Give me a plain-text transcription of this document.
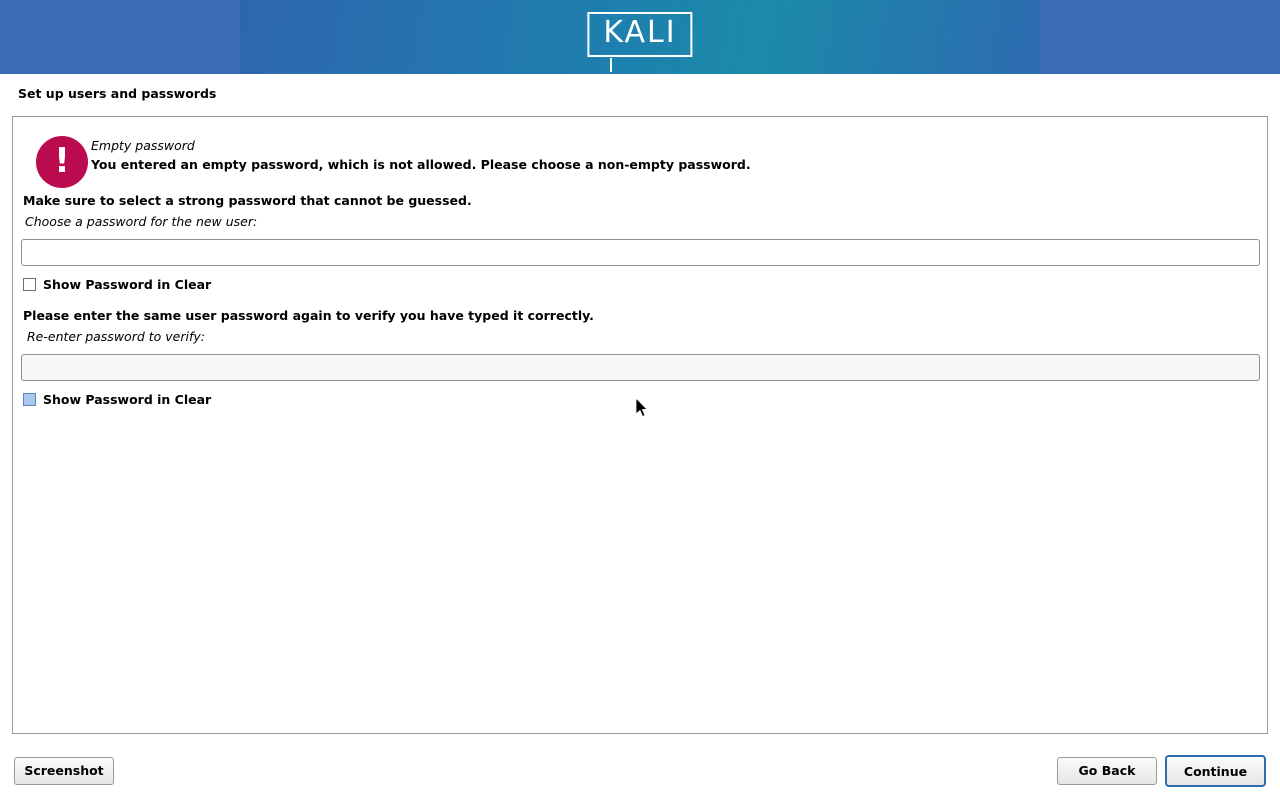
KALI
Set up users and passwords
!	Empty password
You entered an empty password, which is not allowed. Please choose a non-empty password.
Make sure to select a strong password that cannot be guessed.
Choose a password for the new user:
Show Password in Clear
Please enter the same user password again to verify you have typed it correctly.
Re-enter password to verify:
Show Password in Clear
Screenshot	Go Back	Continue
